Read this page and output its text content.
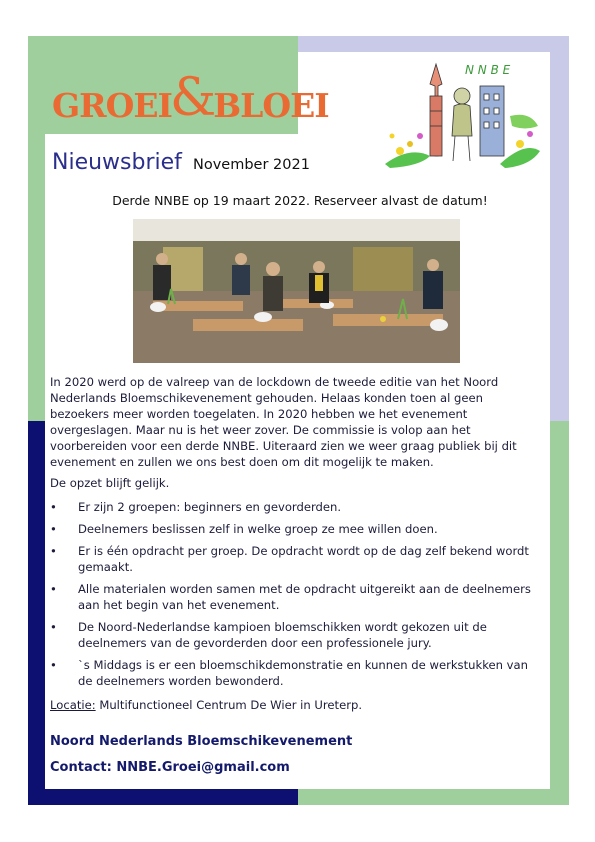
GROEI
&
BLOEI
N N B E
Nieuwsbrief November 2021
Derde NNBE op 19 maart 2022. Reserveer alvast de datum!

In 2020 werd op de valreep van de lockdown de tweede editie van het Noord Nederlands Bloemschikevenement gehouden. Helaas konden toen al geen bezoekers meer worden toegelaten. In 2020 hebben we het evenement overgeslagen. Maar nu is het weer zover. De commissie is volop aan het voorbereiden voor een derde NNBE. Uiteraard zien we weer graag publiek bij dit evenement en zullen we ons best doen om dit mogelijk te maken.

De opzet blijft gelijk.

• Er zijn 2 groepen: beginners en gevorderden.
• Deelnemers beslissen zelf in welke groep ze mee willen doen.
• Er is één opdracht per groep. De opdracht wordt op de dag zelf bekend wordt gemaakt.
• Alle materialen worden samen met de opdracht uitgereikt aan de deelnemers aan het begin van het evenement.
• De Noord-Nederlandse kampioen bloemschikken wordt gekozen uit de deelnemers van de gevorderden door een professionele jury.
• `s Middags is er een bloemschikdemonstratie en kunnen de werkstukken van de deelnemers worden bewonderd.

Locatie: Multifunctioneel Centrum De Wier in Ureterp.

Noord Nederlands Bloemschikevenement
Contact: NNBE.Groei@gmail.com
